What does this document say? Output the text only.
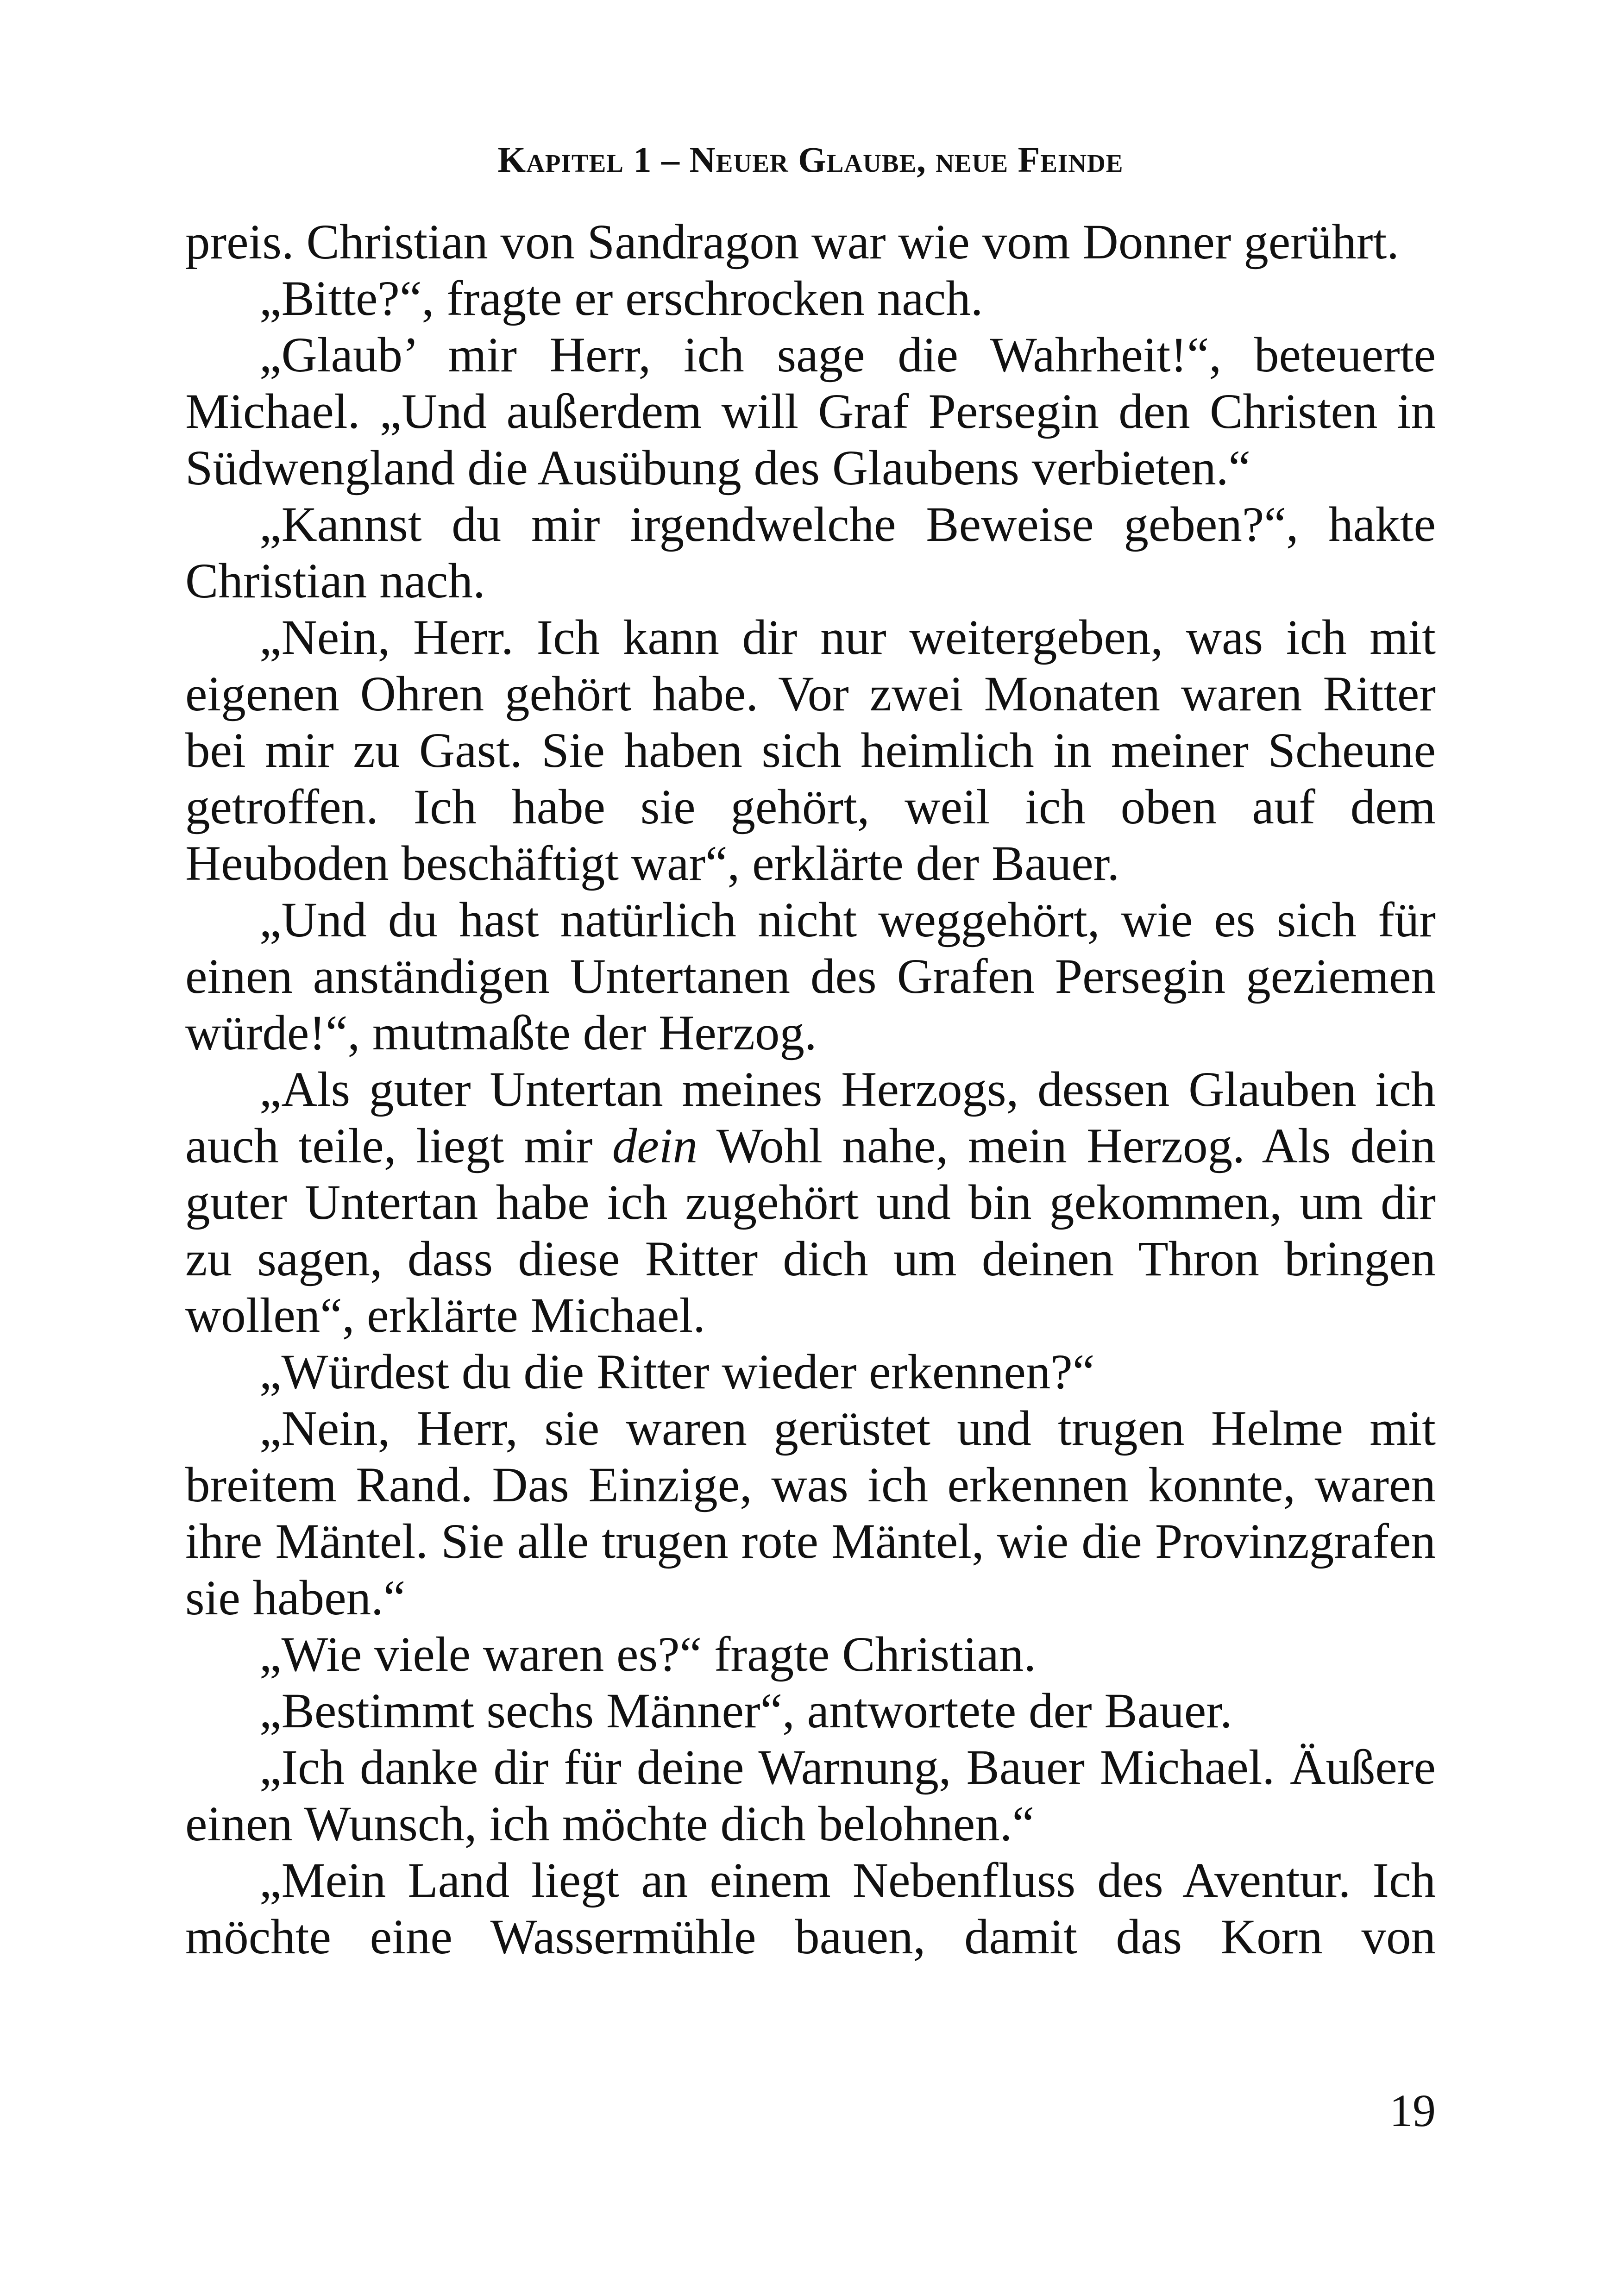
Kapitel 1 – Neuer Glaube, neue Feinde

preis. Christian von Sandragon war wie vom Donner gerührt.

„Bitte?“, fragte er erschrocken nach.

„Glaub’ mir Herr, ich sage die Wahrheit!“, beteuerte Michael. „Und außerdem will Graf Persegin den Christen in Südwengland die Ausübung des Glaubens verbieten.“

„Kannst du mir irgendwelche Beweise geben?“, hakte Christian nach.

„Nein, Herr. Ich kann dir nur weitergeben, was ich mit eigenen Ohren gehört habe. Vor zwei Monaten waren Ritter bei mir zu Gast. Sie haben sich heimlich in meiner Scheune getroffen. Ich habe sie gehört, weil ich oben auf dem Heuboden beschäftigt war“, erklärte der Bauer.

„Und du hast natürlich nicht weggehört, wie es sich für einen anständigen Untertanen des Grafen Persegin geziemen würde!“, mutmaßte der Herzog.

„Als guter Untertan meines Herzogs, dessen Glauben ich auch teile, liegt mir dein Wohl nahe, mein Herzog. Als dein guter Untertan habe ich zugehört und bin gekommen, um dir zu sagen, dass diese Ritter dich um deinen Thron bringen wollen“, erklärte Michael.

„Würdest du die Ritter wieder erkennen?“

„Nein, Herr, sie waren gerüstet und trugen Helme mit breitem Rand. Das Einzige, was ich erkennen konnte, waren ihre Mäntel. Sie alle trugen rote Mäntel, wie die Provinzgrafen sie haben.“

„Wie viele waren es?“ fragte Christian.

„Bestimmt sechs Männer“, antwortete der Bauer.

„Ich danke dir für deine Warnung, Bauer Michael. Äußere einen Wunsch, ich möchte dich belohnen.“

„Mein Land liegt an einem Nebenfluss des Aventur. Ich möchte eine Wassermühle bauen, damit das Korn von

19
